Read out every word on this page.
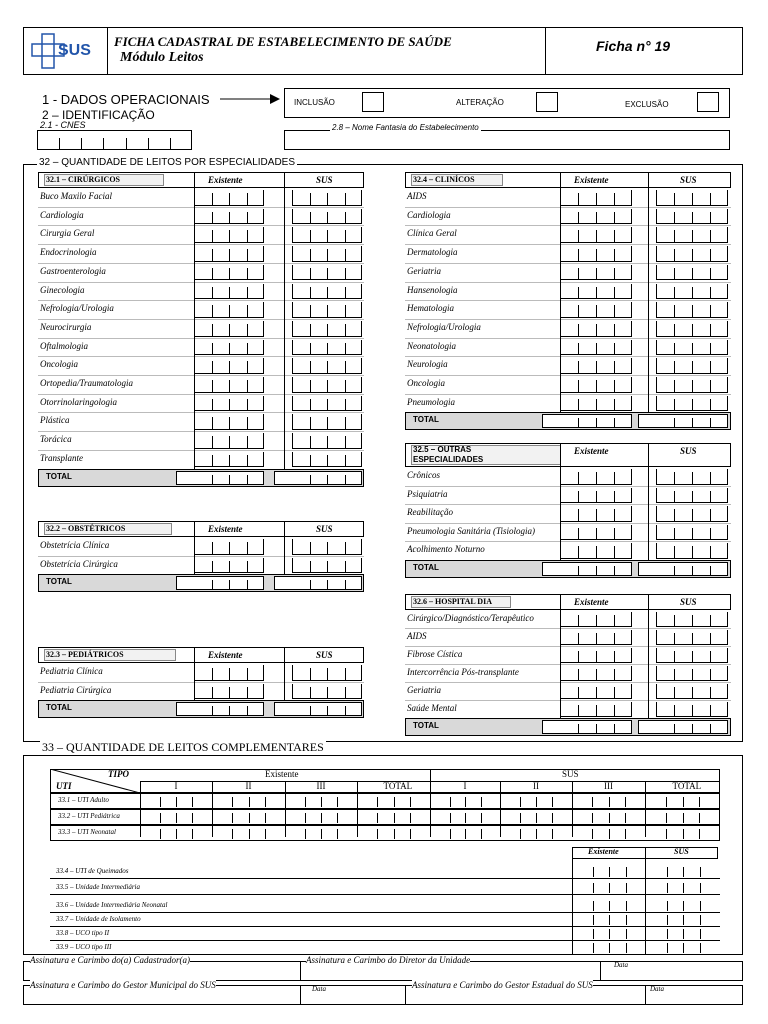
SUS
FICHA CADASTRAL DE ESTABELECIMENTO DE SAÚDE
Módulo Leitos
Ficha n° 19
1 - DADOS OPERACIONAIS
2 – IDENTIFICAÇÃO
2.1 - CNES
INCLUSÃO	ALTERAÇÃO	EXCLUSÃO
2.8 – Nome Fantasia do Estabelecimento
32 – QUANTIDADE DE LEITOS POR ESPECIALIDADES
32.1 – CIRÚRGICOS	Existente	SUS
Buco Maxilo Facial
Cardiologia
Cirurgia Geral
Endocrinologia
Gastroenterologia
Ginecologia
Nefrologia/Urologia
Neurocirurgia
Oftalmologia
Oncologia
Ortopedia/Traumatologia
Otorrinolaringologia
Plástica
Torácica
Transplante
TOTAL
32.2 – OBSTÉTRICOS	Existente	SUS
Obstetrícia Clínica
Obstetrícia Cirúrgica
TOTAL
32.3 – PEDIÁTRICOS	Existente	SUS
Pediatria Clínica
Pediatria Cirúrgica
TOTAL
32.4 – CLINÍCOS	Existente	SUS
AIDS
Cardiologia
Clínica Geral
Dermatologia
Geriatria
Hansenologia
Hematologia
Nefrologia/Urologia
Neonatologia
Neurologia
Oncologia
Pneumologia
TOTAL
32.5 – OUTRAS
ESPECIALIDADES
Existente	SUS
Crônicos
Psiquiatria
Reabilitação
Pneumologia Sanitária (Tisiologia)
Acolhimento Noturno
TOTAL
32.6 – HOSPITAL DIA	Existente	SUS
Cirúrgico/Diagnóstico/Terapêutico
AIDS
Fibrose Cística
Intercorrência Pós-transplante
Geriatria
Saúde Mental
TOTAL
33 – QUANTIDADE DE LEITOS COMPLEMENTARES
TIPO
UTI
Existente	SUS
I	II	III	TOTAL	I	II	III	TOTAL
33.1 – UTI Adulto
33.2 – UTI Pediátrica
33.3 – UTI Neonatal
Existente	SUS
33.4 – UTI de Queimados
33.5 – Unidade Intermediária
33.6 – Unidade Intermediária Neonatal
33.7 – Unidade de Isolamento
33.8 – UCO tipo II
33.9 – UCO tipo III
Assinatura e Carimbo do(a) Cadastrador(a)	Assinatura e Carimbo do Diretor da Unidade	Data
Assinatura e Carimbo do Gestor Municipal do SUS	Data	Assinatura e Carimbo do Gestor Estadual do SUS	Data
